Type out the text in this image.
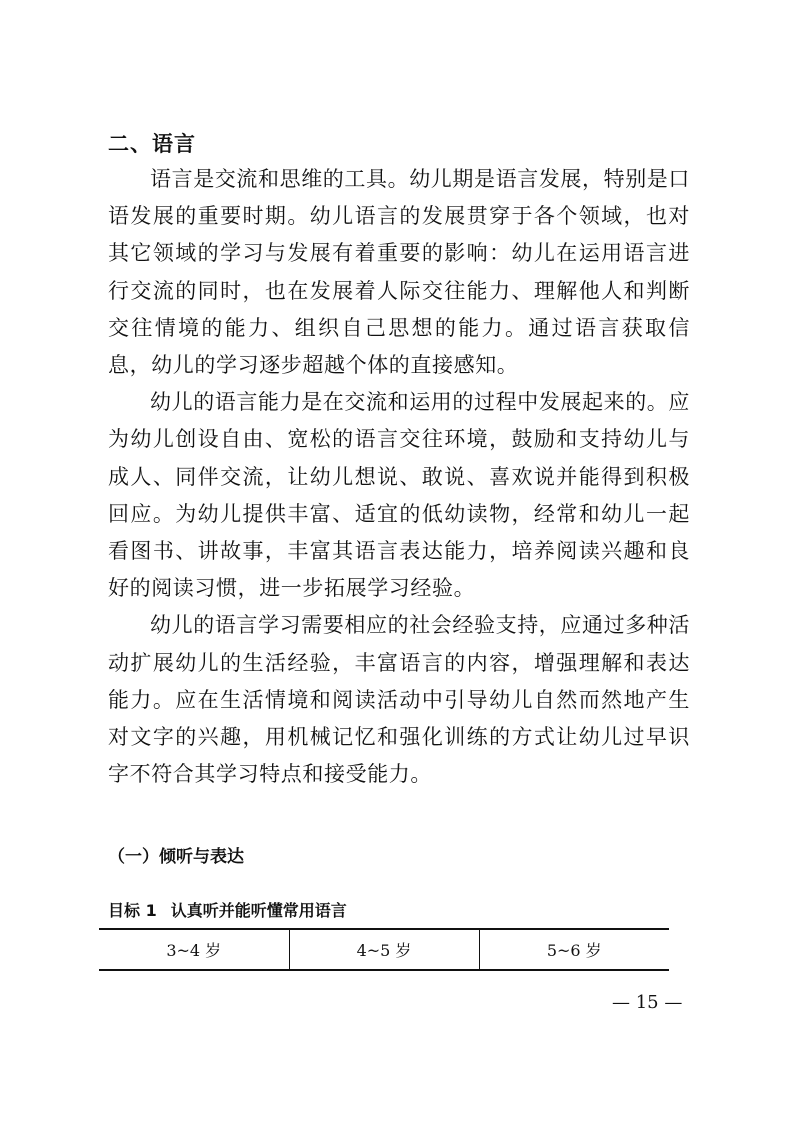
二、语言

语言是交流和思维的工具。幼儿期是语言发展，特别是口语发展的重要时期。幼儿语言的发展贯穿于各个领域，也对其它领域的学习与发展有着重要的影响：幼儿在运用语言进行交流的同时，也在发展着人际交往能力、理解他人和判断交往情境的能力、组织自己思想的能力。通过语言获取信息，幼儿的学习逐步超越个体的直接感知。

幼儿的语言能力是在交流和运用的过程中发展起来的。应为幼儿创设自由、宽松的语言交往环境，鼓励和支持幼儿与成人、同伴交流，让幼儿想说、敢说、喜欢说并能得到积极回应。为幼儿提供丰富、适宜的低幼读物，经常和幼儿一起看图书、讲故事，丰富其语言表达能力，培养阅读兴趣和良好的阅读习惯，进一步拓展学习经验。

幼儿的语言学习需要相应的社会经验支持，应通过多种活动扩展幼儿的生活经验，丰富语言的内容，增强理解和表达能力。应在生活情境和阅读活动中引导幼儿自然而然地产生对文字的兴趣，用机械记忆和强化训练的方式让幼儿过早识字不符合其学习特点和接受能力。

（一）倾听与表达
目标 1 认真听并能听懂常用语言
3~4 岁	4~5 岁	5~6 岁
— 15 —
